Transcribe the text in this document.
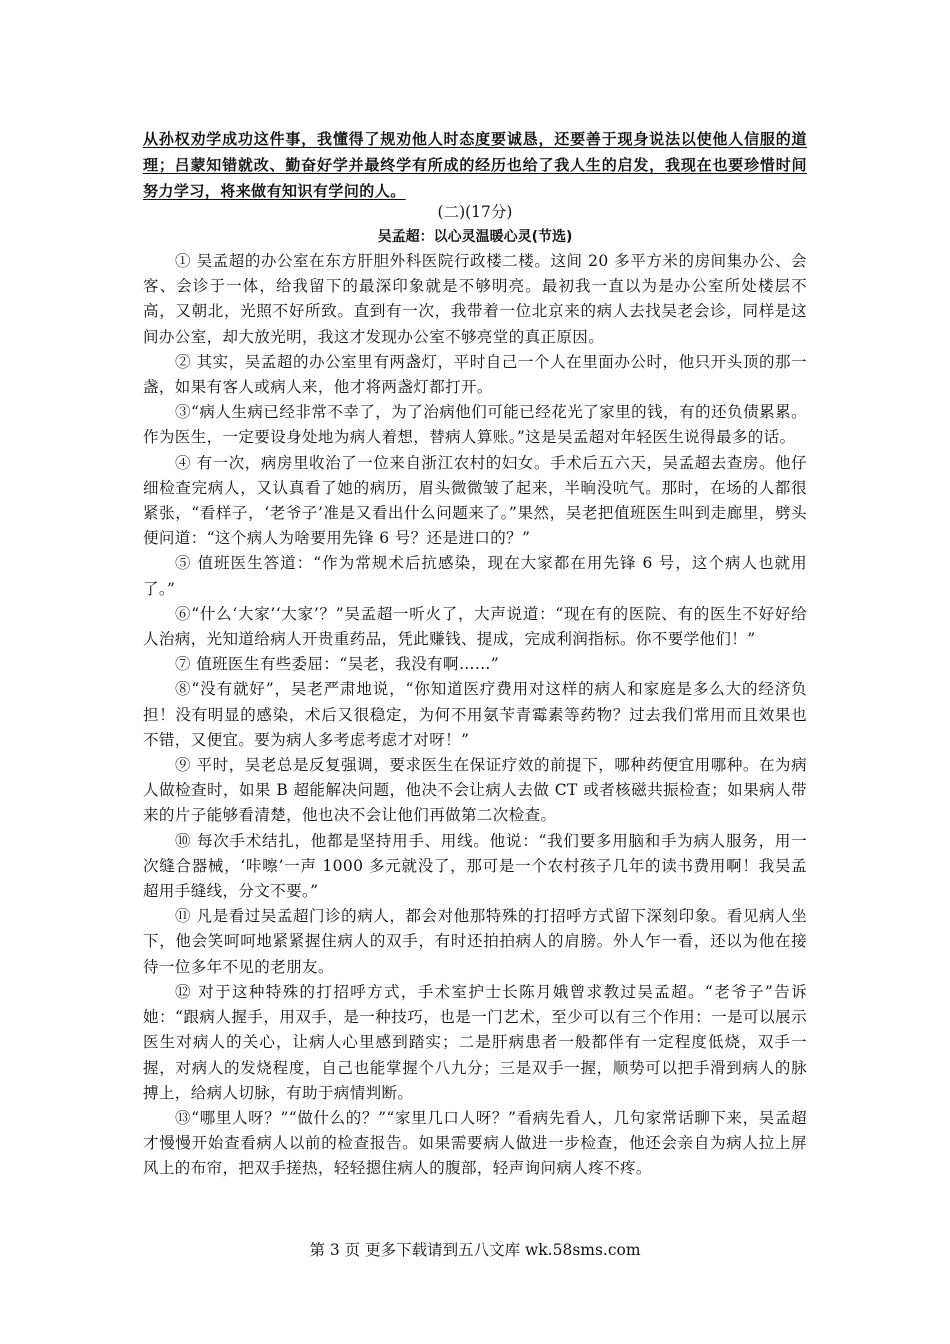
从孙权劝学成功这件事，我懂得了规劝他人时态度要诚恳，还要善于现身说法以使他人信服的道理；吕蒙知错就改、勤奋好学并最终学有所成的经历也给了我人生的启发，我现在也要珍惜时间努力学习，将来做有知识有学问的人。
(二)(17分)
吴孟超：以心灵温暖心灵(节选)

① 吴孟超的办公室在东方肝胆外科医院行政楼二楼。这间 20 多平方米的房间集办公、会客、会诊于一体，给我留下的最深印象就是不够明亮。最初我一直以为是办公室所处楼层不高，又朝北，光照不好所致。直到有一次，我带着一位北京来的病人去找吴老会诊，同样是这间办公室，却大放光明，我这才发现办公室不够亮堂的真正原因。

② 其实，吴孟超的办公室里有两盏灯，平时自己一个人在里面办公时，他只开头顶的那一盏，如果有客人或病人来，他才将两盏灯都打开。

③“病人生病已经非常不幸了，为了治病他们可能已经花光了家里的钱，有的还负债累累。作为医生，一定要设身处地为病人着想，替病人算账。”这是吴孟超对年轻医生说得最多的话。

④ 有一次，病房里收治了一位来自浙江农村的妇女。手术后五六天，吴孟超去查房。他仔细检查完病人，又认真看了她的病历，眉头微微皱了起来，半晌没吭气。那时，在场的人都很紧张，“看样子，‘老爷子’准是又看出什么问题来了。”果然，吴老把值班医生叫到走廊里，劈头便问道：“这个病人为啥要用先锋 6 号？还是进口的？”

⑤ 值班医生答道：“作为常规术后抗感染，现在大家都在用先锋 6 号，这个病人也就用了。”

⑥“什么‘大家’‘大家’？”吴孟超一听火了，大声说道：“现在有的医院、有的医生不好好给人治病，光知道给病人开贵重药品，凭此赚钱、提成，完成利润指标。你不要学他们！”

⑦ 值班医生有些委屈：“吴老，我没有啊……”

⑧“没有就好”，吴老严肃地说，“你知道医疗费用对这样的病人和家庭是多么大的经济负担！没有明显的感染，术后又很稳定，为何不用氨苄青霉素等药物？过去我们常用而且效果也不错，又便宜。要为病人多考虑考虑才对呀！”

⑨ 平时，吴老总是反复强调，要求医生在保证疗效的前提下，哪种药便宜用哪种。在为病人做检查时，如果 B 超能解决问题，他决不会让病人去做 CT 或者核磁共振检查；如果病人带来的片子能够看清楚，他也决不会让他们再做第二次检查。

⑩ 每次手术结扎，他都是坚持用手、用线。他说：“我们要多用脑和手为病人服务，用一次缝合器械，‘咔嚓’一声 1000 多元就没了，那可是一个农村孩子几年的读书费用啊！我吴孟超用手缝线，分文不要。”

⑪ 凡是看过吴孟超门诊的病人，都会对他那特殊的打招呼方式留下深刻印象。看见病人坐下，他会笑呵呵地紧紧握住病人的双手，有时还拍拍病人的肩膀。外人乍一看，还以为他在接待一位多年不见的老朋友。

⑫ 对于这种特殊的打招呼方式，手术室护士长陈月娥曾求教过吴孟超。“老爷子”告诉她：“跟病人握手，用双手，是一种技巧，也是一门艺术，至少可以有三个作用：一是可以展示医生对病人的关心，让病人心里感到踏实；二是肝病患者一般都伴有一定程度低烧，双手一握，对病人的发烧程度，自己也能掌握个八九分；三是双手一握，顺势可以把手滑到病人的脉搏上，给病人切脉，有助于病情判断。

⑬“哪里人呀？”“做什么的？”“家里几口人呀？”看病先看人，几句家常话聊下来，吴孟超才慢慢开始查看病人以前的检查报告。如果需要病人做进一步检查，他还会亲自为病人拉上屏风上的布帘，把双手搓热，轻轻摁住病人的腹部，轻声询问病人疼不疼。

第 3 页 更多下载请到五八文库 wk.58sms.com
